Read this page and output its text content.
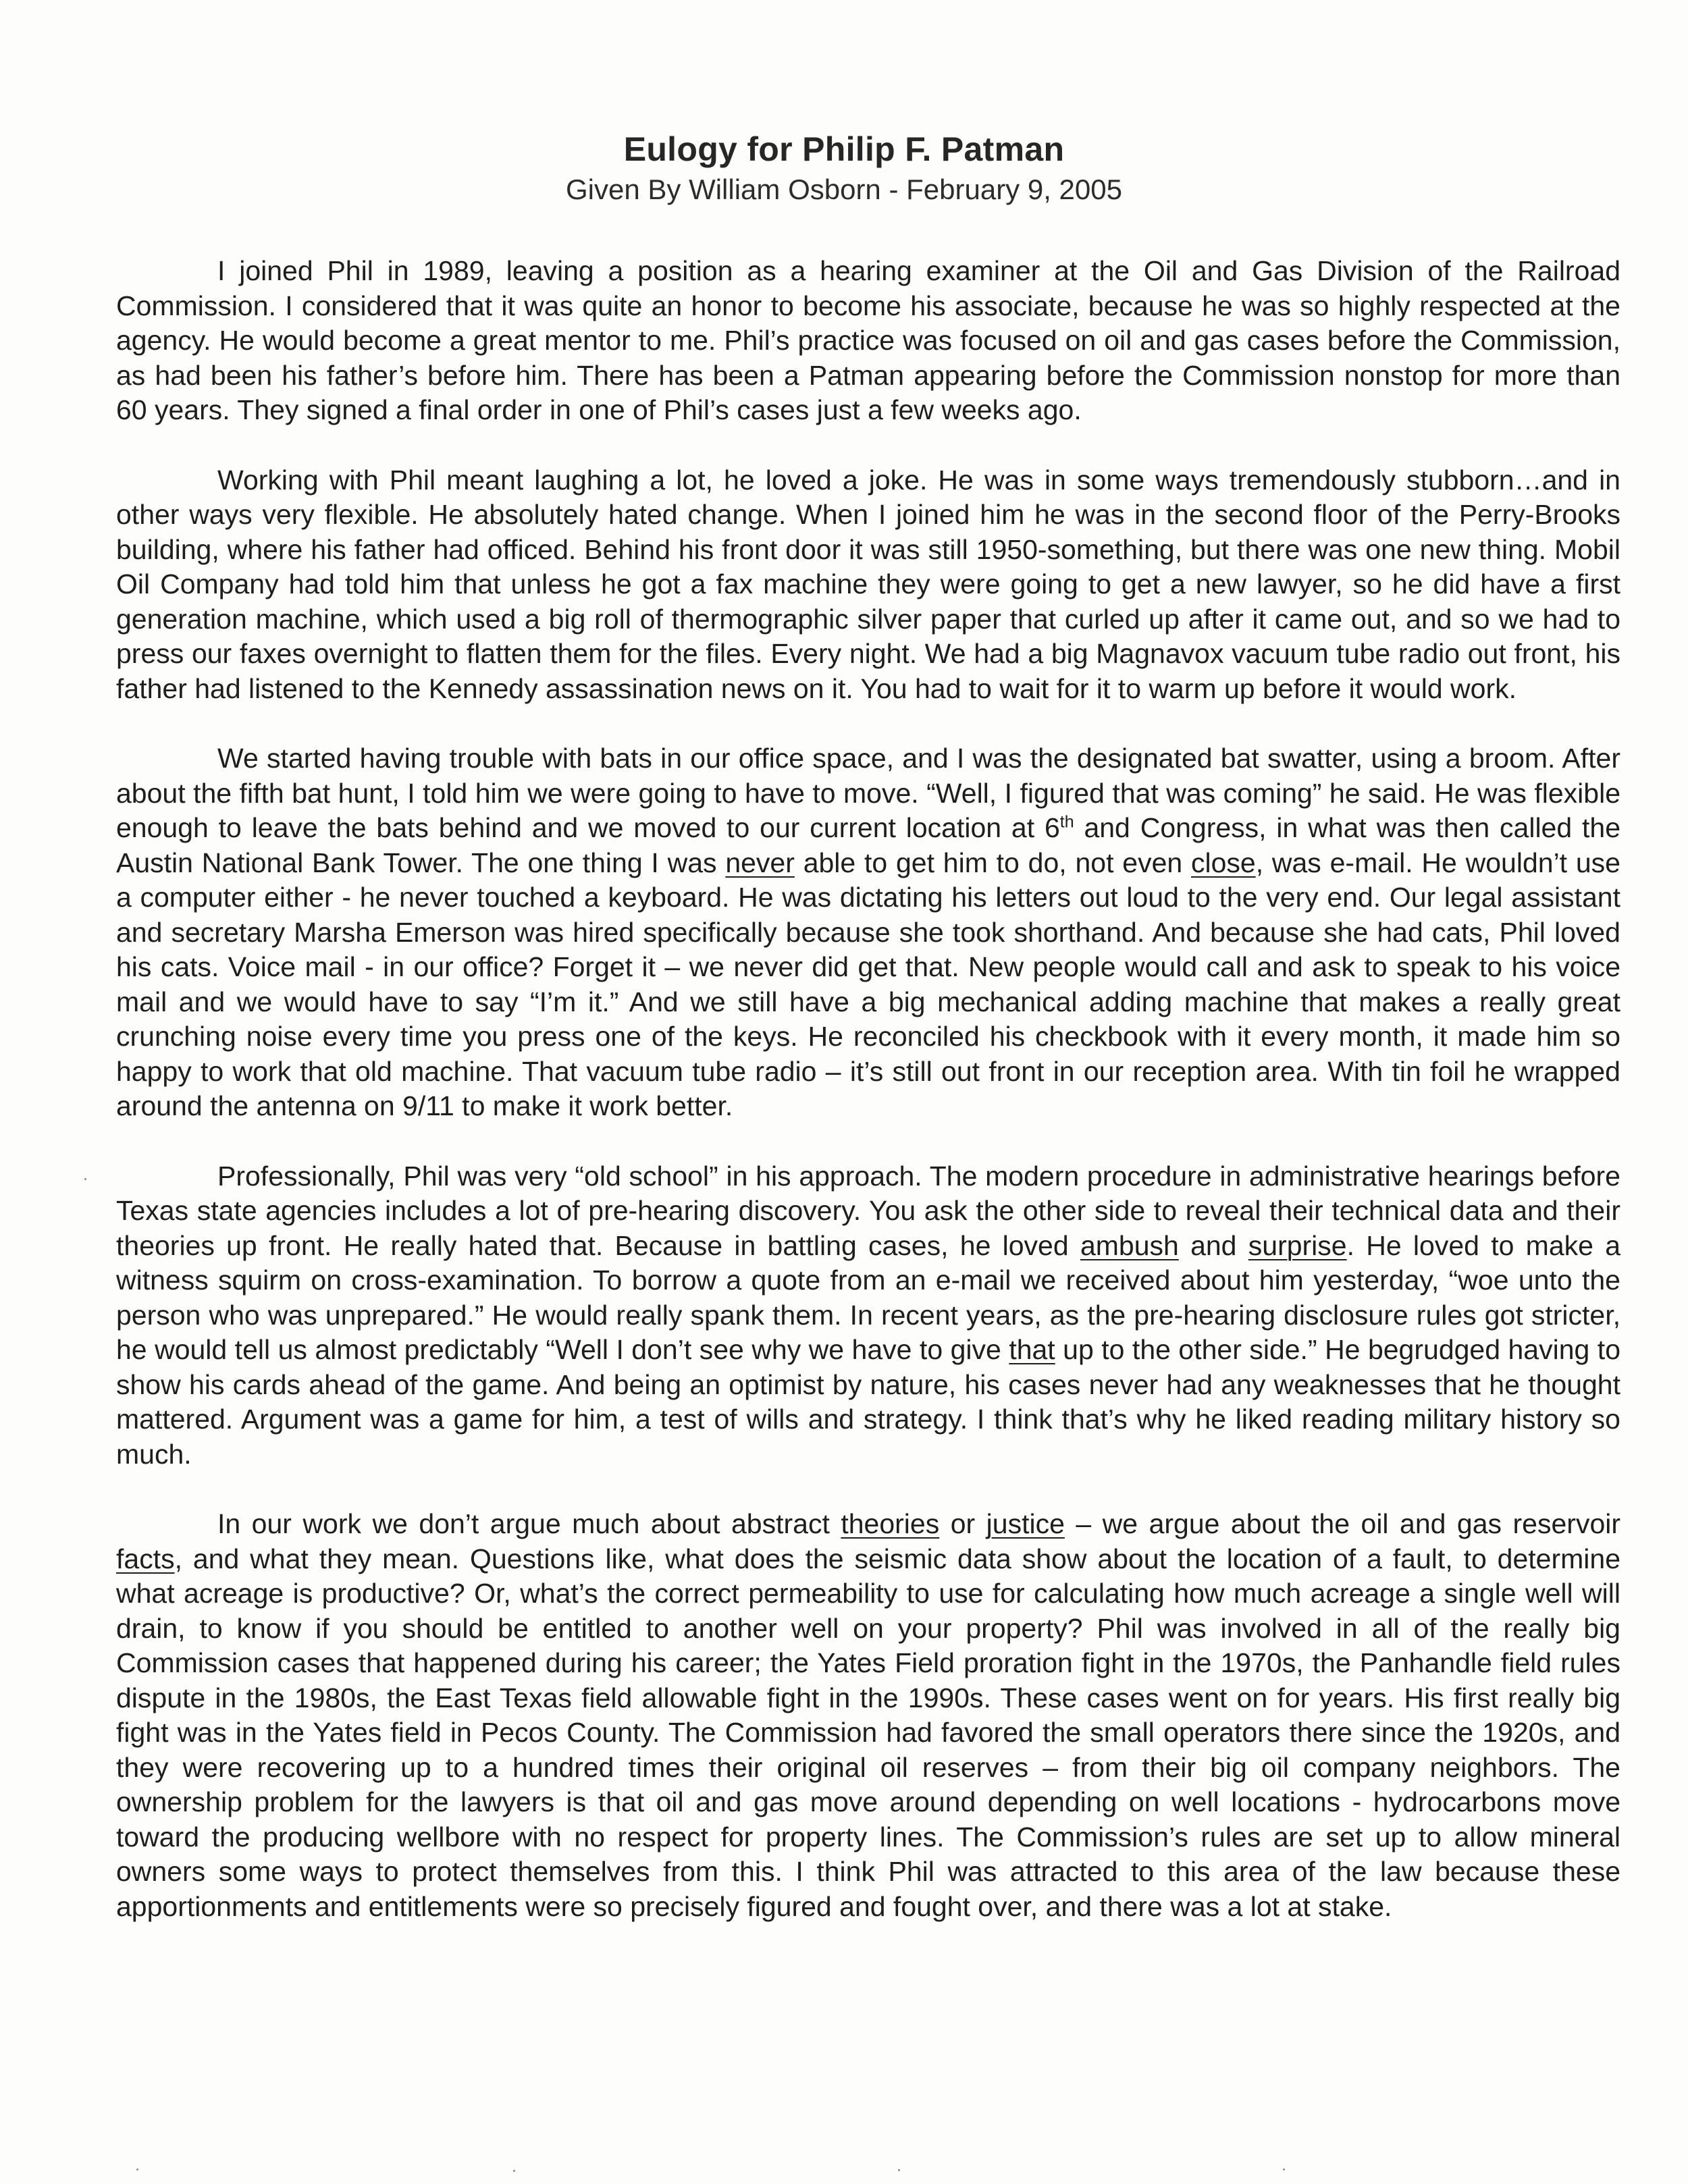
Eulogy for Philip F. Patman

Given By William Osborn - February 9, 2005

I joined Phil in 1989, leaving a position as a hearing examiner at the Oil and Gas Division of the Railroad Commission. I considered that it was quite an honor to become his associate, because he was so highly respected at the agency. He would become a great mentor to me. Phil’s practice was focused on oil and gas cases before the Commission, as had been his father’s before him. There has been a Patman appearing before the Commission nonstop for more than 60 years. They signed a final order in one of Phil’s cases just a few weeks ago.

Working with Phil meant laughing a lot, he loved a joke. He was in some ways tremendously stubborn…and in other ways very flexible. He absolutely hated change. When I joined him he was in the second floor of the Perry-Brooks building, where his father had officed. Behind his front door it was still 1950-something, but there was one new thing. Mobil Oil Company had told him that unless he got a fax machine they were going to get a new lawyer, so he did have a first generation machine, which used a big roll of thermographic silver paper that curled up after it came out, and so we had to press our faxes overnight to flatten them for the files. Every night. We had a big Magnavox vacuum tube radio out front, his father had listened to the Kennedy assassination news on it. You had to wait for it to warm up before it would work.

We started having trouble with bats in our office space, and I was the designated bat swatter, using a broom. After about the fifth bat hunt, I told him we were going to have to move. “Well, I figured that was coming” he said. He was flexible enough to leave the bats behind and we moved to our current location at 6th and Congress, in what was then called the Austin National Bank Tower. The one thing I was never able to get him to do, not even close, was e-mail. He wouldn’t use a computer either - he never touched a keyboard. He was dictating his letters out loud to the very end. Our legal assistant and secretary Marsha Emerson was hired specifically because she took shorthand. And because she had cats, Phil loved his cats. Voice mail - in our office? Forget it – we never did get that. New people would call and ask to speak to his voice mail and we would have to say “I’m it.” And we still have a big mechanical adding machine that makes a really great crunching noise every time you press one of the keys. He reconciled his checkbook with it every month, it made him so happy to work that old machine. That vacuum tube radio – it’s still out front in our reception area. With tin foil he wrapped around the antenna on 9/11 to make it work better.

Professionally, Phil was very “old school” in his approach. The modern procedure in administrative hearings before Texas state agencies includes a lot of pre-hearing discovery. You ask the other side to reveal their technical data and their theories up front. He really hated that. Because in battling cases, he loved ambush and surprise. He loved to make a witness squirm on cross-examination. To borrow a quote from an e-mail we received about him yesterday, “woe unto the person who was unprepared.” He would really spank them. In recent years, as the pre-hearing disclosure rules got stricter, he would tell us almost predictably “Well I don’t see why we have to give that up to the other side.” He begrudged having to show his cards ahead of the game. And being an optimist by nature, his cases never had any weaknesses that he thought mattered. Argument was a game for him, a test of wills and strategy. I think that’s why he liked reading military history so much.

In our work we don’t argue much about abstract theories or justice – we argue about the oil and gas reservoir facts, and what they mean. Questions like, what does the seismic data show about the location of a fault, to determine what acreage is productive? Or, what’s the correct permeability to use for calculating how much acreage a single well will drain, to know if you should be entitled to another well on your property? Phil was involved in all of the really big Commission cases that happened during his career; the Yates Field proration fight in the 1970s, the Panhandle field rules dispute in the 1980s, the East Texas field allowable fight in the 1990s. These cases went on for years. His first really big fight was in the Yates field in Pecos County. The Commission had favored the small operators there since the 1920s, and they were recovering up to a hundred times their original oil reserves – from their big oil company neighbors. The ownership problem for the lawyers is that oil and gas move around depending on well locations - hydrocarbons move toward the producing wellbore with no respect for property lines. The Commission’s rules are set up to allow mineral owners some ways to protect themselves from this. I think Phil was attracted to this area of the law because these apportionments and entitlements were so precisely figured and fought over, and there was a lot at stake.
